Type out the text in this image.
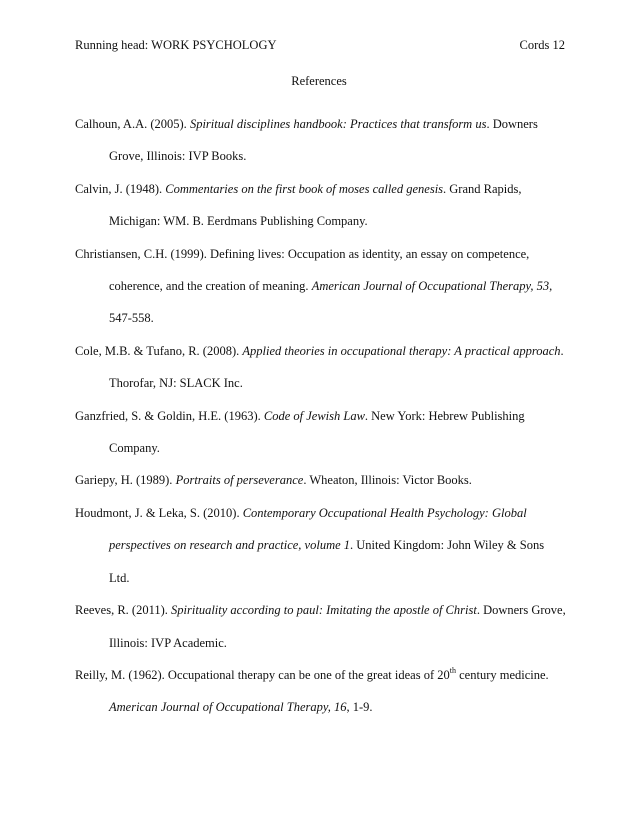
Running head: WORK PSYCHOLOGY	Cords 12
References

Calhoun, A.A. (2005). Spiritual disciplines handbook: Practices that transform us. Downers Grove, Illinois: IVP Books.

Calvin, J. (1948). Commentaries on the first book of moses called genesis. Grand Rapids, Michigan: WM. B. Eerdmans Publishing Company.

Christiansen, C.H. (1999). Defining lives: Occupation as identity, an essay on competence, coherence, and the creation of meaning. American Journal of Occupational Therapy, 53, 547-558.

Cole, M.B. & Tufano, R. (2008). Applied theories in occupational therapy: A practical approach. Thorofar, NJ: SLACK Inc.

Ganzfried, S. & Goldin, H.E. (1963). Code of Jewish Law. New York: Hebrew Publishing Company.

Gariepy, H. (1989). Portraits of perseverance. Wheaton, Illinois: Victor Books.

Houdmont, J. & Leka, S. (2010). Contemporary Occupational Health Psychology: Global perspectives on research and practice, volume 1. United Kingdom: John Wiley & Sons Ltd.

Reeves, R. (2011). Spirituality according to paul: Imitating the apostle of Christ. Downers Grove, Illinois: IVP Academic.

Reilly, M. (1962). Occupational therapy can be one of the great ideas of 20th century medicine. American Journal of Occupational Therapy, 16, 1-9.
